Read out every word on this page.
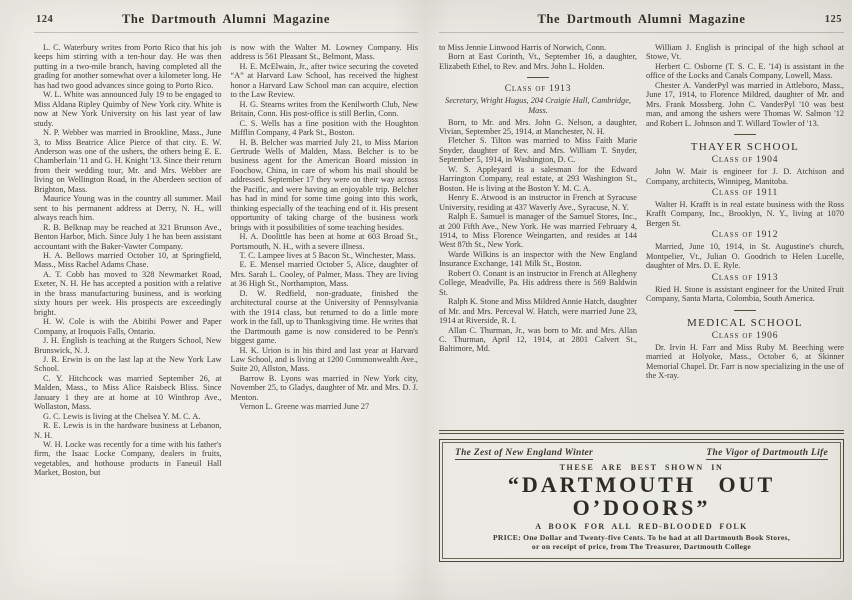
124	The Dartmouth Alumni Magazine

L. C. Waterbury writes from Porto Rico that his job keeps him stirring with a ten-hour day. He was then putting in a two-mile branch, having completed all the grading for another somewhat over a kilometer long. He has had two good advances since going to Porto Rico.

W. L. White was announced July 19 to be engaged to Miss Aldana Ripley Quimby of New York city. White is now at New York University on his last year of law study.

N. P. Webber was married in Brookline, Mass., June 3, to Miss Beatrice Alice Pierce of that city. E. W. Anderson was one of the ushers, the others being E. E. Chamberlain '11 and G. H. Knight '13. Since their return from their wedding tour, Mr. and Mrs. Webber are living on Wellington Road, in the Aberdeen section of Brighton, Mass.

Maurice Young was in the country all summer. Mail sent to his permanent address at Derry, N. H., will always reach him.

R. B. Belknap may be reached at 321 Brunson Ave., Benton Harbor, Mich. Since July 1 he has been assistant accountant with the Baker-Vawter Company.

H. A. Bellows married October 10, at Springfield, Mass., Miss Rachel Adams Chase.

A. T. Cobb has moved to 328 Newmarket Road, Exeter, N. H. He has accepted a position with a relative in the brass manufacturing business, and is working sixty hours per week. His prospects are exceedingly bright.

H. W. Cole is with the Abitibi Power and Paper Company, at Iroquois Falls, Ontario.

J. H. English is teaching at the Rutgers School, New Brunswick, N. J.

J. R. Erwin is on the last lap at the New York Law School.

C. Y. Hitchcock was married September 26, at Malden, Mass., to Miss Alice Raisbeck Bliss. Since January 1 they are at home at 10 Winthrop Ave., Wollaston, Mass.

G. C. Lewis is living at the Chelsea Y. M. C. A.

R. E. Lewis is in the hardware business at Lebanon, N. H.

W. H. Locke was recently for a time with his father's firm, the Isaac Locke Company, dealers in fruits, vegetables, and hothouse products in Faneuil Hall Market, Boston, but

is now with the Walter M. Lowney Company. His address is 561 Pleasant St., Belmont, Mass.

H. E. McElwain, Jr., after twice securing the coveted “A” at Harvard Law School, has received the highest honor a Harvard Law School man can acquire, election to the Law Review.

H. G. Stearns writes from the Kenilworth Club, New Britain, Conn. His post-office is still Berlin, Conn.

C. S. Wells has a fine position with the Houghton Mifflin Company, 4 Park St., Boston.

H. B. Belcher was married July 21, to Miss Marion Gertrude Wells of Malden, Mass. Belcher is to be business agent for the American Board mission in Foochow, China, in care of whom his mail should be addressed. September 17 they were on their way across the Pacific, and were having an enjoyable trip. Belcher has had in mind for some time going into this work, thinking especially of the teaching end of it. His present opportunity of taking charge of the business work brings with it possibilities of some teaching besides.

H. A. Doolittle has been at home at 603 Broad St., Portsmouth, N. H., with a severe illness.

T. C. Lampee lives at 5 Bacon St., Winchester, Mass.

E. E. Mensel married October 5, Alice, daughter of Mrs. Sarah L. Cooley, of Palmer, Mass. They are living at 36 High St., Northampton, Mass.

D. W. Redfield, non-graduate, finished the architectural course at the University of Pennsylvania with the 1914 class, but returned to do a little more work in the fall, up to Thanksgiving time. He writes that the Dartmouth game is now considered to be Penn's biggest game.

H. K. Urion is in his third and last year at Harvard Law School, and is living at 1200 Commonwealth Ave., Suite 20, Allston, Mass.

Barrow B. Lyons was married in New York city, November 25, to Gladys, daughter of Mr. and Mrs. D. J. Menton.

Vernon L. Greene was married June 27

The Dartmouth Alumni Magazine	125

to Miss Jennie Linwood Harris of Norwich, Conn.

Born at East Corinth, Vt., September 16, a daughter, Elizabeth Ethel, to Rev. and Mrs. John L. Holden.

Class of 1913

Secretary, Wright Hugus, 204 Craigie Hall, Cambridge, Mass.

Born, to Mr. and Mrs. John G. Nelson, a daughter, Vivian, September 25, 1914, at Manchester, N. H.

Fletcher S. Tilton was married to Miss Faith Marie Snyder, daughter of Rev. and Mrs. William T. Snyder, September 5, 1914, in Washington, D. C.

W. S. Appleyard is a salesman for the Edward Harrington Company, real estate, at 293 Washington St., Boston. He is living at the Boston Y. M. C. A.

Henry E. Atwood is an instructor in French at Syracuse University, residing at 437 Waverly Ave., Syracuse, N. Y.

Ralph E. Samuel is manager of the Samuel Stores, Inc., at 200 Fifth Ave., New York. He was married February 4, 1914, to Miss Florence Weingarten, and resides at 144 West 87th St., New York.

Warde Wilkins is an inspector with the New England Insurance Exchange, 141 Milk St., Boston.

Robert O. Conant is an instructor in French at Allegheny College, Meadville, Pa. His address there is 569 Baldwin St.

Ralph K. Stone and Miss Mildred Annie Hatch, daughter of Mr. and Mrs. Perceval W. Hatch, were married June 23, 1914 at Riverside, R. I.

Allan C. Thurman, Jr., was born to Mr. and Mrs. Allan C. Thurman, April 12, 1914, at 2801 Calvert St., Baltimore, Md.

William J. English is principal of the high school at Stowe, Vt.

Herbert C. Osborne (T. S. C. E. '14) is assistant in the office of the Locks and Canals Company, Lowell, Mass.

Chester A. VanderPyl was married in Attleboro, Mass., June 17, 1914, to Florence Mildred, daughter of Mr. and Mrs. Frank Mossberg. John C. VanderPyl '10 was best man, and among the ushers were Thomas W. Salmon '12 and Robert L. Johnson and T. Willard Towler of '13.

THAYER SCHOOL
Class of 1904

John W. Mair is engineer for J. D. Atchison and Company, architects, Winnipeg, Manitoba.

Class of 1911

Walter H. Krafft is in real estate business with the Ross Krafft Company, Inc., Brooklyn, N. Y., living at 1070 Bergen St.

Class of 1912

Married, June 10, 1914, in St. Augustine's church, Montpelier, Vt., Julian O. Goodrich to Helen Lucelle, daughter of Mrs. D. E. Ryle.

Class of 1913

Ried H. Stone is assistant engineer for the United Fruit Company, Santa Marta, Colombia, South America.

MEDICAL SCHOOL
Class of 1906

Dr. Irvin H. Farr and Miss Ruby M. Beeching were married at Holyoke, Mass., October 6, at Skinner Memorial Chapel. Dr. Farr is now specializing in the use of the X-ray.

The Zest of New England Winter	The Vigor of Dartmouth Life
THESE ARE BEST SHOWN IN
“DARTMOUTH OUT O’DOORS”
A BOOK FOR ALL RED-BLOODED FOLK
PRICE: One Dollar and Twenty-five Cents. To be had at all Dartmouth Book Stores,
or on receipt of price, from The Treasurer, Dartmouth College
